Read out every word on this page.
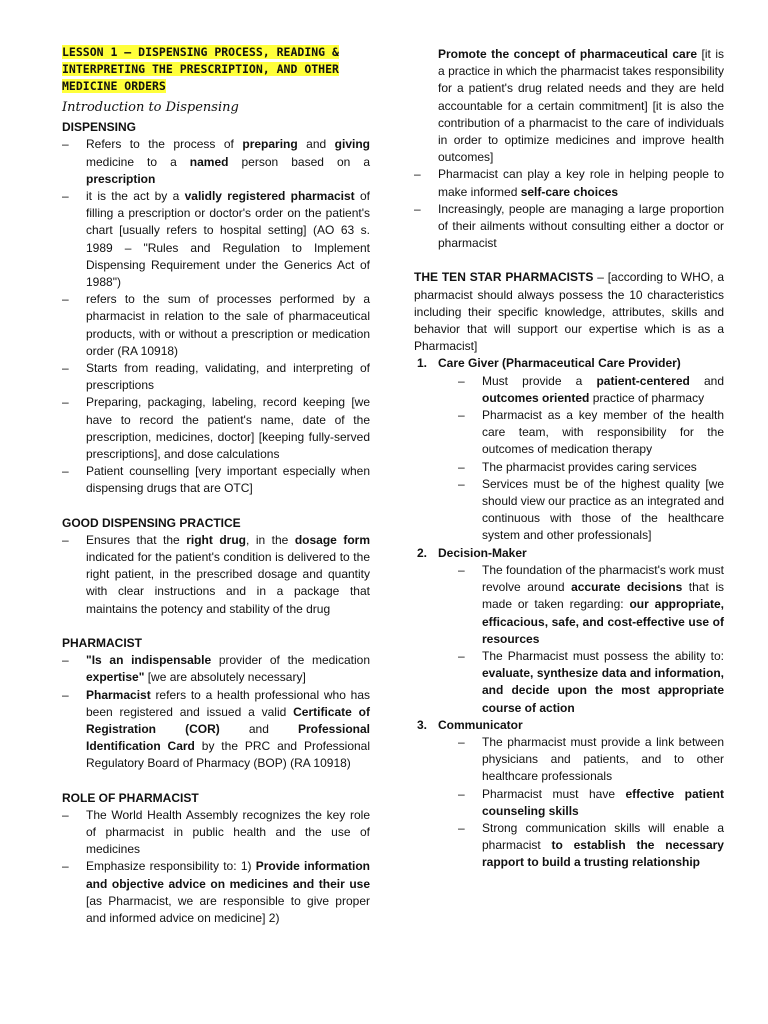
LESSON 1 – DISPENSING PROCESS, READING & INTERPRETING THE PRESCRIPTION, AND OTHER MEDICINE ORDERS
Introduction to Dispensing
DISPENSING
– Refers to the process of preparing and giving medicine to a named person based on a prescription
– it is the act by a validly registered pharmacist of filling a prescription or doctor's order on the patient's chart [usually refers to hospital setting] (AO 63 s. 1989 – "Rules and Regulation to Implement Dispensing Requirement under the Generics Act of 1988")
– refers to the sum of processes performed by a pharmacist in relation to the sale of pharmaceutical products, with or without a prescription or medication order (RA 10918)
– Starts from reading, validating, and interpreting of prescriptions
– Preparing, packaging, labeling, record keeping [we have to record the patient's name, date of the prescription, medicines, doctor] [keeping fully-served prescriptions], and dose calculations
– Patient counselling [very important especially when dispensing drugs that are OTC]
GOOD DISPENSING PRACTICE
– Ensures that the right drug, in the dosage form indicated for the patient's condition is delivered to the right patient, in the prescribed dosage and quantity with clear instructions and in a package that maintains the potency and stability of the drug
PHARMACIST
– "Is an indispensable provider of the medication expertise" [we are absolutely necessary]
– Pharmacist refers to a health professional who has been registered and issued a valid Certificate of Registration (COR) and Professional Identification Card by the PRC and Professional Regulatory Board of Pharmacy (BOP) (RA 10918)
ROLE OF PHARMACIST
– The World Health Assembly recognizes the key role of pharmacist in public health and the use of medicines
– Emphasize responsibility to: 1) Provide information and objective advice on medicines and their use [as Pharmacist, we are responsible to give proper and informed advice on medicine] 2)
Promote the concept of pharmaceutical care [it is a practice in which the pharmacist takes responsibility for a patient's drug related needs and they are held accountable for a certain commitment] [it is also the contribution of a pharmacist to the care of individuals in order to optimize medicines and improve health outcomes]
– Pharmacist can play a key role in helping people to make informed self-care choices
– Increasingly, people are managing a large proportion of their ailments without consulting either a doctor or pharmacist

THE TEN STAR PHARMACISTS – [according to WHO, a pharmacist should always possess the 10 characteristics including their specific knowledge, attributes, skills and behavior that will support our expertise which is as a Pharmacist]

1. Care Giver (Pharmaceutical Care Provider)
– Must provide a patient-centered and outcomes oriented practice of pharmacy
– Pharmacist as a key member of the health care team, with responsibility for the outcomes of medication therapy
– The pharmacist provides caring services
– Services must be of the highest quality [we should view our practice as an integrated and continuous with those of the healthcare system and other professionals]
2. Decision-Maker
– The foundation of the pharmacist's work must revolve around accurate decisions that is made or taken regarding: our appropriate, efficacious, safe, and cost-effective use of resources
– The Pharmacist must possess the ability to: evaluate, synthesize data and information, and decide upon the most appropriate course of action
3. Communicator
– The pharmacist must provide a link between physicians and patients, and to other healthcare professionals
– Pharmacist must have effective patient counseling skills
– Strong communication skills will enable a pharmacist to establish the necessary rapport to build a trusting relationship
